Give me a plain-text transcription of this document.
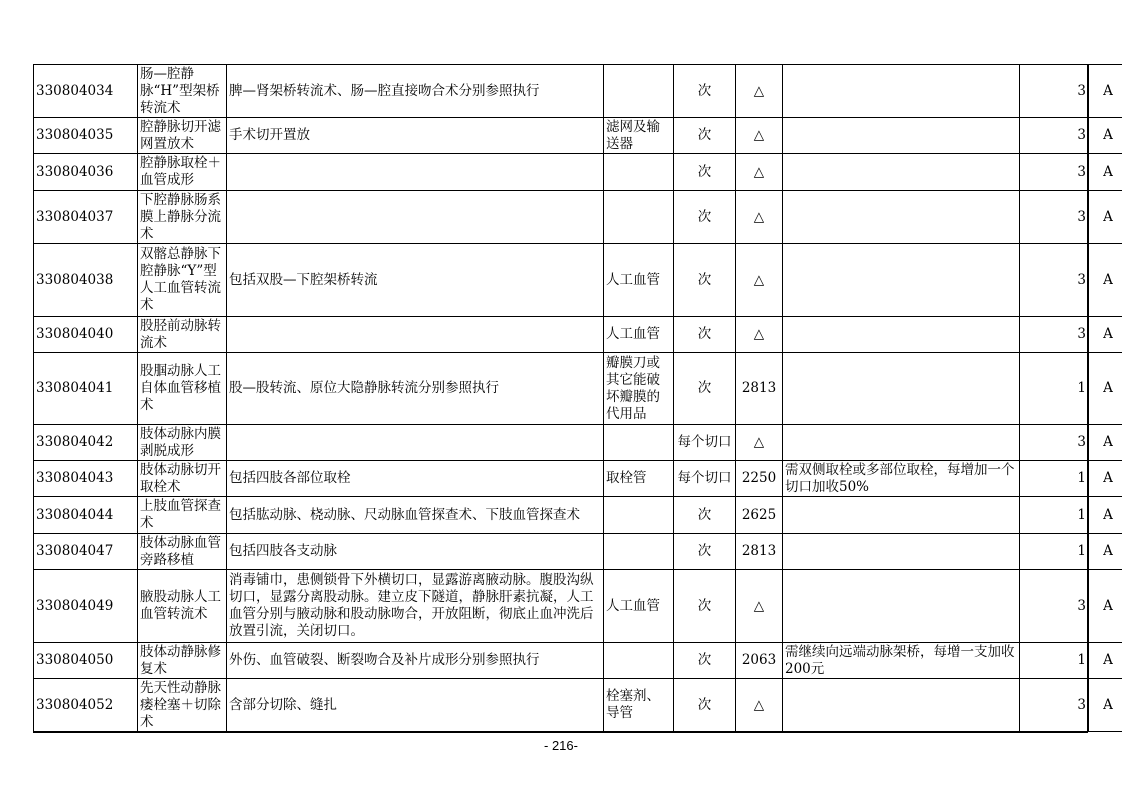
330804034	肠—腔静脉“H”型架桥转流术	脾—肾架桥转流术、肠—腔直接吻合术分别参照执行		次	△		3	A
330804035	腔静脉切开滤网置放术	手术切开置放	滤网及输送器	次	△		3	A
330804036	腔静脉取栓＋血管成形			次	△		3	A
330804037	下腔静脉肠系膜上静脉分流术			次	△		3	A
330804038	双髂总静脉下腔静脉“Y”型人工血管转流术	包括双股—下腔架桥转流	人工血管	次	△		3	A
330804040	股胫前动脉转流术		人工血管	次	△		3	A
330804041	股腘动脉人工自体血管移植术	股—股转流、原位大隐静脉转流分别参照执行	瓣膜刀或其它能破坏瓣膜的代用品	次	2813		1	A
330804042	肢体动脉内膜剥脱成形			每个切口	△		3	A
330804043	肢体动脉切开取栓术	包括四肢各部位取栓	取栓管	每个切口	2250	需双侧取栓或多部位取栓，每增加一个切口加收50%	1	A
330804044	上肢血管探查术	包括肱动脉、桡动脉、尺动脉血管探查术、下肢血管探查术		次	2625		1	A
330804047	肢体动脉血管旁路移植	包括四肢各支动脉		次	2813		1	A
330804049	腋股动脉人工血管转流术	消毒铺巾，患侧锁骨下外横切口，显露游离腋动脉。腹股沟纵切口，显露分离股动脉。建立皮下隧道，静脉肝素抗凝，人工血管分别与腋动脉和股动脉吻合，开放阻断，彻底止血冲洗后放置引流，关闭切口。	人工血管	次	△		3	A
330804050	肢体动静脉修复术	外伤、血管破裂、断裂吻合及补片成形分别参照执行		次	2063	需继续向远端动脉架桥，每增一支加收200元	1	A
330804052	先天性动静脉瘘栓塞＋切除术	含部分切除、缝扎	栓塞剂、导管	次	△		3	A
- 216-
